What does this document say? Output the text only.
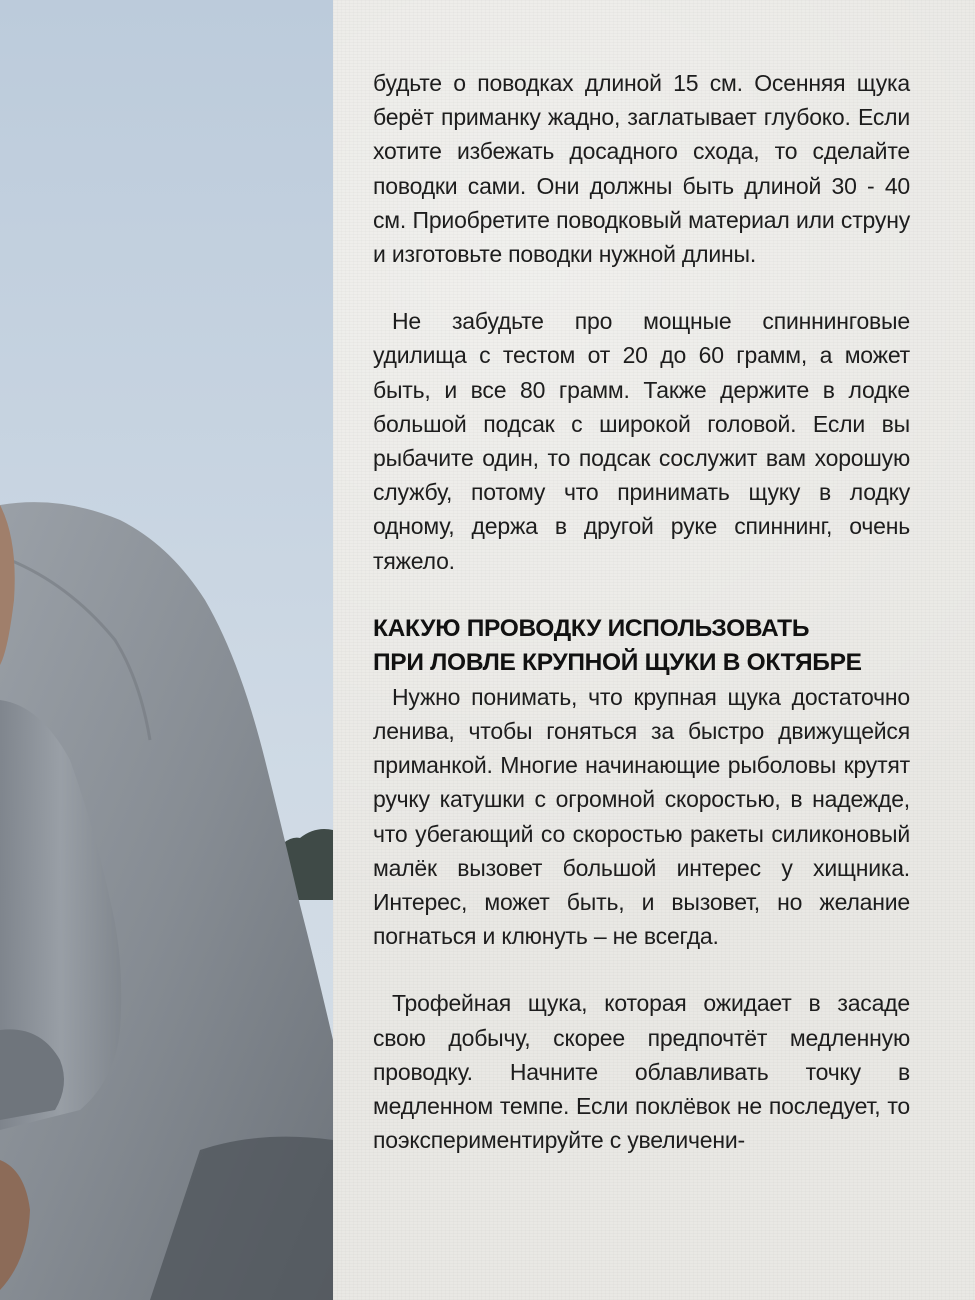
будьте о поводках длиной 15 см. Осенняя щука берёт приманку жадно, заглатывает глубоко. Если хотите избежать досадного схода, то сделайте поводки сами. Они должны быть длиной 30 - 40 см. Приобретите поводковый материал или струну и изготовьте поводки нужной длины.

Не забудьте про мощные спиннинговые удилища с тестом от 20 до 60 грамм, а может быть, и все 80 грамм. Также держите в лодке большой подсак с широкой головой. Если вы рыбачите один, то подсак сослужит вам хорошую службу, потому что принимать щуку в лодку одному, держа в другой руке спиннинг, очень тяжело.

КАКУЮ ПРОВОДКУ ИСПОЛЬЗОВАТЬ
ПРИ ЛОВЛЕ КРУПНОЙ ЩУКИ В ОКТЯБРЕ

Нужно понимать, что крупная щука достаточно ленива, чтобы гоняться за быстро движущейся приманкой. Многие начинающие рыболовы крутят ручку катушки с огромной скоростью, в надежде, что убегающий со скоростью ракеты силиконовый малёк вызовет большой интерес у хищника. Интерес, может быть, и вызовет, но желание погнаться и клюнуть – не всегда.

Трофейная щука, которая ожидает в засаде свою добычу, скорее предпочтёт медленную проводку. Начните облавливать точку в медленном темпе. Если поклёвок не последует, то поэкспериментируйте с увеличени-
